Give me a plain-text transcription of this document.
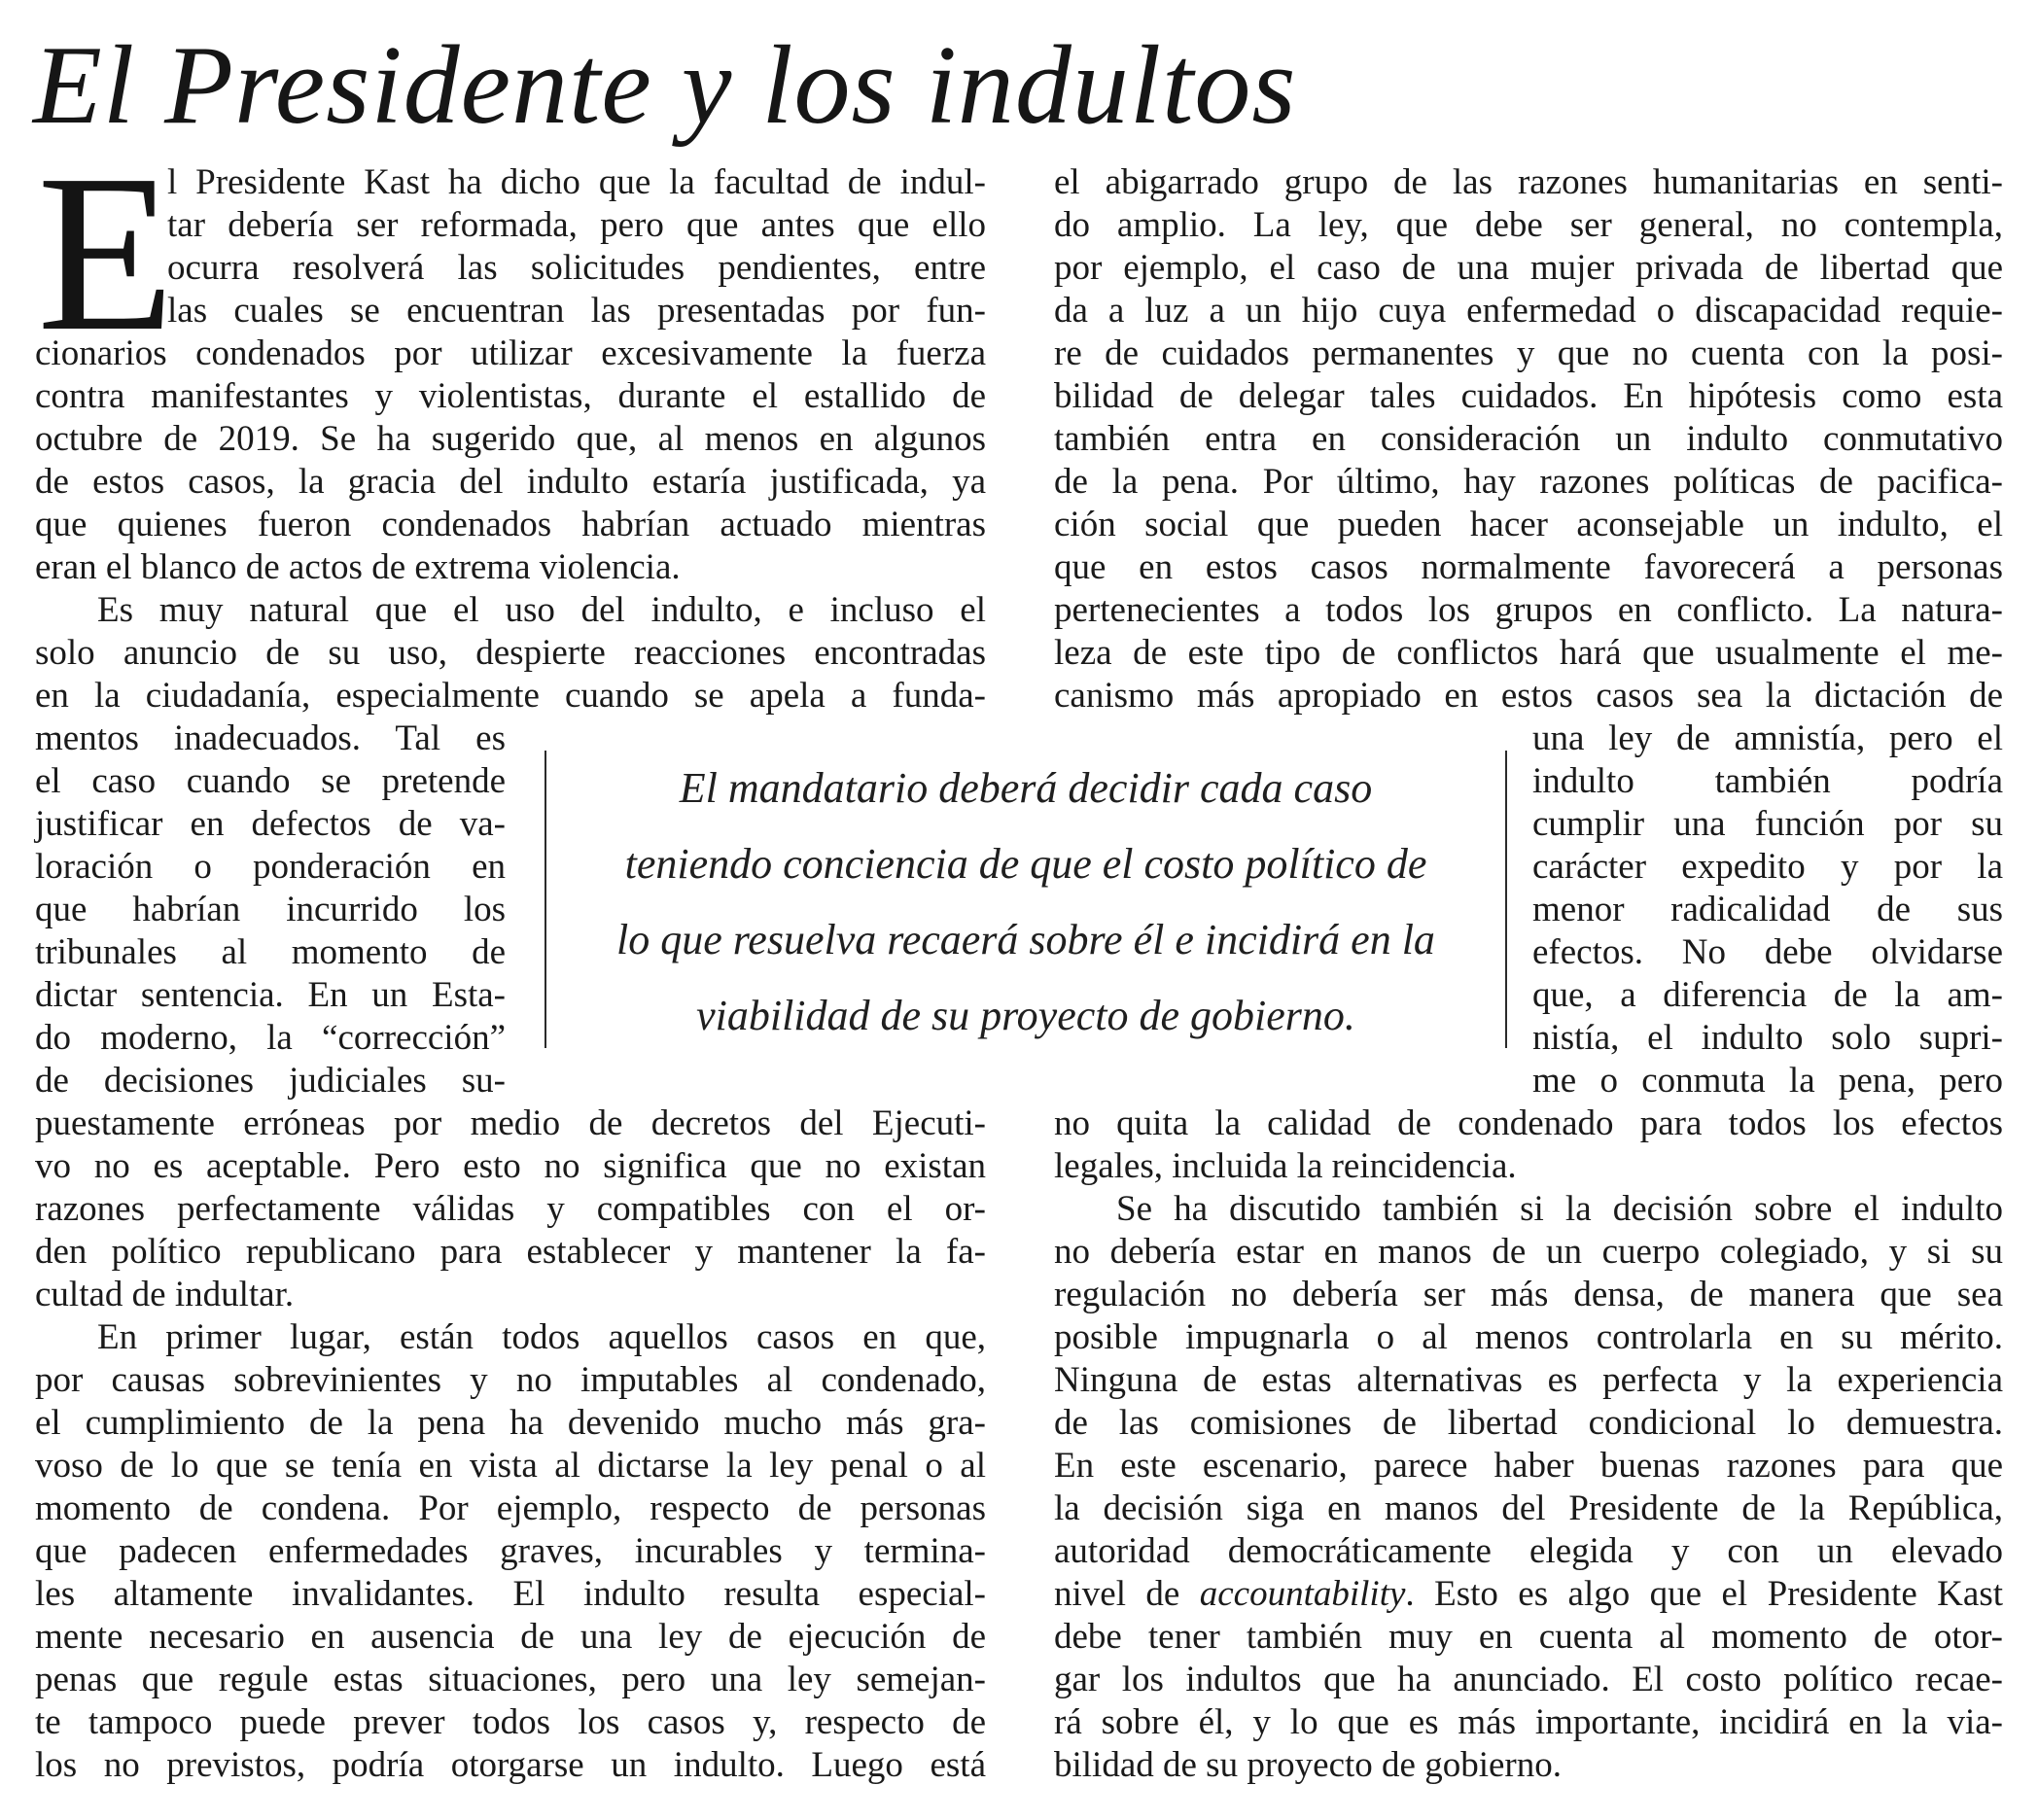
El Presidente y los indultos
E
l Presidente Kast ha dicho que la facultad de indul-
tar debería ser reformada, pero que antes que ello
ocurra resolverá las solicitudes pendientes, entre
las cuales se encuentran las presentadas por fun-
cionarios condenados por utilizar excesivamente la fuerza
contra manifestantes y violentistas, durante el estallido de
octubre de 2019. Se ha sugerido que, al menos en algunos
de estos casos, la gracia del indulto estaría justificada, ya
que quienes fueron condenados habrían actuado mientras
eran el blanco de actos de extrema violencia.
Es muy natural que el uso del indulto, e incluso el
solo anuncio de su uso, despierte reacciones encontradas
en la ciudadanía, especialmente cuando se apela a funda-
mentos inadecuados. Tal es
el caso cuando se pretende
justificar en defectos de va-
loración o ponderación en
que habrían incurrido los
tribunales al momento de
dictar sentencia. En un Esta-
do moderno, la “corrección”
de decisiones judiciales su-
puestamente erróneas por medio de decretos del Ejecuti-
vo no es aceptable. Pero esto no significa que no existan
razones perfectamente válidas y compatibles con el or-
den político republicano para establecer y mantener la fa-
cultad de indultar.
En primer lugar, están todos aquellos casos en que,
por causas sobrevinientes y no imputables al condenado,
el cumplimiento de la pena ha devenido mucho más gra-
voso de lo que se tenía en vista al dictarse la ley penal o al
momento de condena. Por ejemplo, respecto de personas
que padecen enfermedades graves, incurables y termina-
les altamente invalidantes. El indulto resulta especial-
mente necesario en ausencia de una ley de ejecución de
penas que regule estas situaciones, pero una ley semejan-
te tampoco puede prever todos los casos y, respecto de
los no previstos, podría otorgarse un indulto. Luego está
El mandatario deberá decidir cada caso
teniendo conciencia de que el costo político de
lo que resuelva recaerá sobre él e incidirá en la
viabilidad de su proyecto de gobierno.
el abigarrado grupo de las razones humanitarias en senti-
do amplio. La ley, que debe ser general, no contempla,
por ejemplo, el caso de una mujer privada de libertad que
da a luz a un hijo cuya enfermedad o discapacidad requie-
re de cuidados permanentes y que no cuenta con la posi-
bilidad de delegar tales cuidados. En hipótesis como esta
también entra en consideración un indulto conmutativo
de la pena. Por último, hay razones políticas de pacifica-
ción social que pueden hacer aconsejable un indulto, el
que en estos casos normalmente favorecerá a personas
pertenecientes a todos los grupos en conflicto. La natura-
leza de este tipo de conflictos hará que usualmente el me-
canismo más apropiado en estos casos sea la dictación de
una ley de amnistía, pero el
indulto también podría
cumplir una función por su
carácter expedito y por la
menor radicalidad de sus
efectos. No debe olvidarse
que, a diferencia de la am-
nistía, el indulto solo supri-
me o conmuta la pena, pero
no quita la calidad de condenado para todos los efectos
legales, incluida la reincidencia.
Se ha discutido también si la decisión sobre el indulto
no debería estar en manos de un cuerpo colegiado, y si su
regulación no debería ser más densa, de manera que sea
posible impugnarla o al menos controlarla en su mérito.
Ninguna de estas alternativas es perfecta y la experiencia
de las comisiones de libertad condicional lo demuestra.
En este escenario, parece haber buenas razones para que
la decisión siga en manos del Presidente de la República,
autoridad democráticamente elegida y con un elevado
nivel de accountability. Esto es algo que el Presidente Kast
debe tener también muy en cuenta al momento de otor-
gar los indultos que ha anunciado. El costo político recae-
rá sobre él, y lo que es más importante, incidirá en la via-
bilidad de su proyecto de gobierno.
